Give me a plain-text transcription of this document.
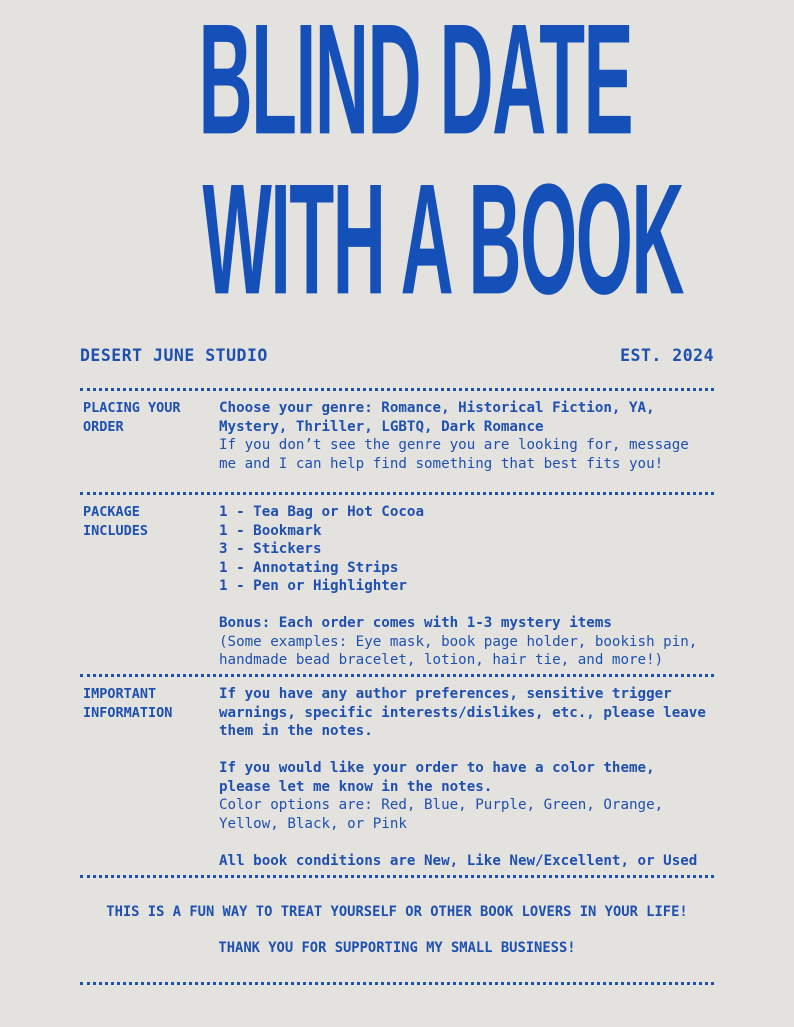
BLIND DATE
WITH A BOOK
DESERT JUNE STUDIO	EST. 2024
PLACING YOUR
ORDER
Choose your genre: Romance, Historical Fiction, YA,
Mystery, Thriller, LGBTQ, Dark Romance
If you don’t see the genre you are looking for, message
me and I can help find something that best fits you!
PACKAGE
INCLUDES
1 - Tea Bag or Hot Cocoa
1 - Bookmark
3 - Stickers
1 - Annotating Strips
1 - Pen or Highlighter
Bonus: Each order comes with 1-3 mystery items
(Some examples: Eye mask, book page holder, bookish pin,
handmade bead bracelet, lotion, hair tie, and more!)
IMPORTANT
INFORMATION
If you have any author preferences, sensitive trigger
warnings, specific interests/dislikes, etc., please leave
them in the notes.
If you would like your order to have a color theme,
please let me know in the notes.
Color options are: Red, Blue, Purple, Green, Orange,
Yellow, Black, or Pink
All book conditions are New, Like New/Excellent, or Used
THIS IS A FUN WAY TO TREAT YOURSELF OR OTHER BOOK LOVERS IN YOUR LIFE!
THANK YOU FOR SUPPORTING MY SMALL BUSINESS!
